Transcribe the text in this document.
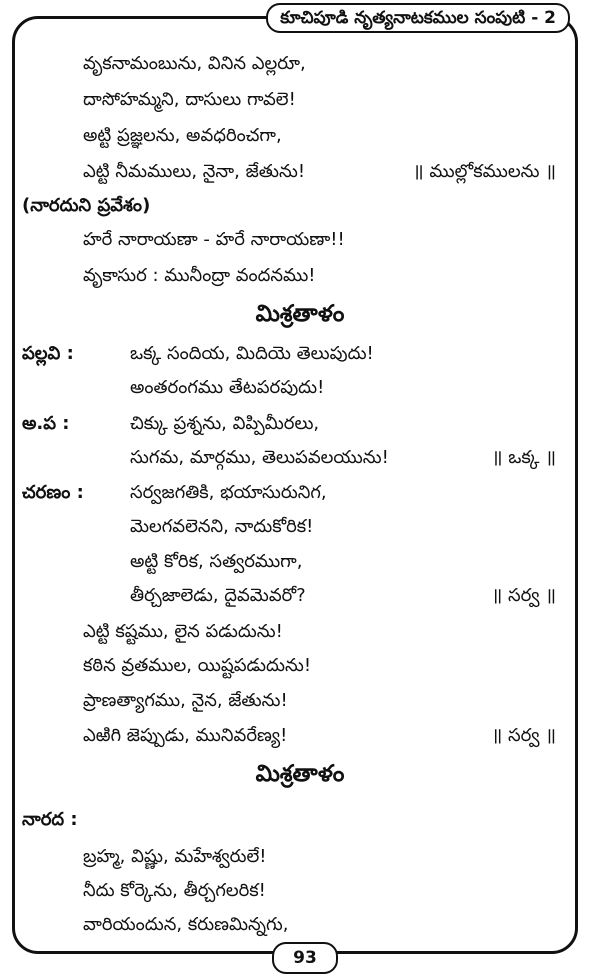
కూచిపూడి నృత్యనాటకముల సంపుటి - 2
వృకనామంబును, వినిన ఎల్లరూ,
దాసోహమ్మని, దాసులు గావలె!
అట్టి ప్రజ్ఞలను, అవధరించగా,
ఎట్టి నీమములు, నైనా, జేతును!	॥ ముల్లోకములను ॥
(నారదుని ప్రవేశం)
హరే నారాయణా - హరే నారాయణా!!
వృకాసుర : మునీంద్రా వందనము!
మిశ్రతాళం
పల్లవి :	ఒక్క సందియ, మిదియె తెలుపుదు!
అంతరంగము తేటపరపుదు!
అ.ప :	చిక్కు ప్రశ్నను, విప్పిమీరలు,
సుగమ, మార్గము, తెలుపవలయును!	॥ ఒక్క ॥
చరణం :	సర్వజగతికి, భయాసురునిగ,
మెలగవలెనని, నాదుకోరిక!
అట్టి కోరిక, సత్వరముగా,
తీర్చజాలెడు, దైవమెవరో?	॥ సర్వ ॥
ఎట్టి కష్టము, లైన పడుదును!
కఠిన వ్రతముల, యిష్టపడుదును!
ప్రాణత్యాగము, నైన, జేతును!
ఎఱిగి జెప్పుడు, మునివరేణ్య!	॥ సర్వ ॥
మిశ్రతాళం
నారద :
బ్రహ్మ, విష్ణు, మహేశ్వరులే!
నీదు కోర్కెను, తీర్చగలరిక!
వారియందున, కరుణమిన్నగు,
93
